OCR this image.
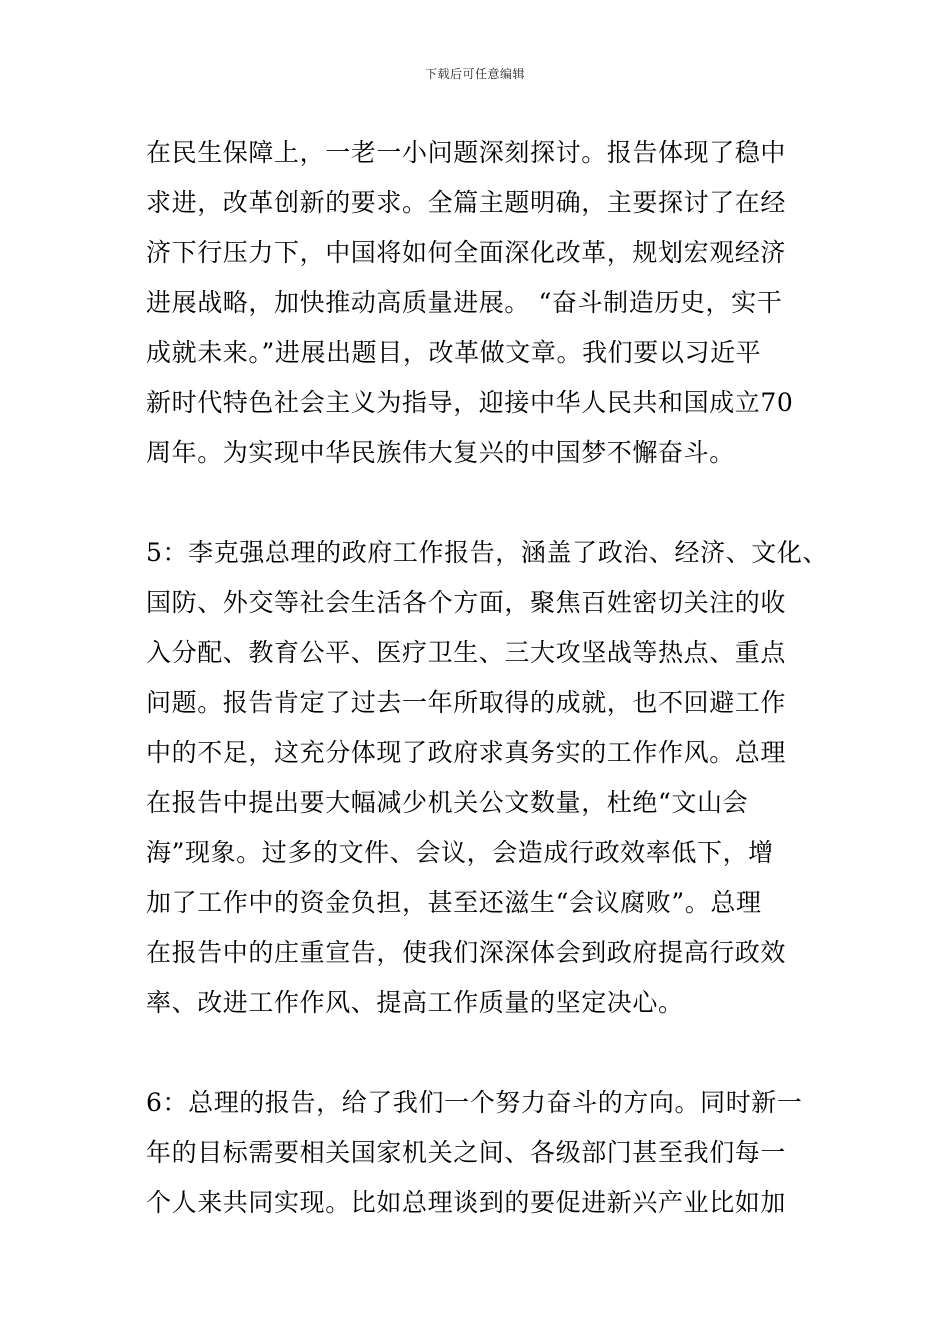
下载后可任意编辑
在民生保障上，一老一小问题深刻探讨。报告体现了稳中
求进，改革创新的要求。全篇主题明确，主要探讨了在经
济下行压力下，中国将如何全面深化改革，规划宏观经济
进展战略，加快推动高质量进展。 “奋斗制造历史，实干
成就未来。”进展出题目，改革做文章。我们要以习近平
新时代特色社会主义为指导，迎接中华人民共和国成立70
周年。为实现中华民族伟大复兴的中国梦不懈奋斗。
5：李克强总理的政府工作报告，涵盖了政治、经济、文化、
国防、外交等社会生活各个方面，聚焦百姓密切关注的收
入分配、教育公平、医疗卫生、三大攻坚战等热点、重点
问题。报告肯定了过去一年所取得的成就，也不回避工作
中的不足，这充分体现了政府求真务实的工作作风。总理
在报告中提出要大幅减少机关公文数量，杜绝“文山会
海”现象。过多的文件、会议，会造成行政效率低下，增
加了工作中的资金负担，甚至还滋生“会议腐败”。总理
在报告中的庄重宣告，使我们深深体会到政府提高行政效
率、改进工作作风、提高工作质量的坚定决心。
6：总理的报告，给了我们一个努力奋斗的方向。同时新一
年的目标需要相关国家机关之间、各级部门甚至我们每一
个人来共同实现。比如总理谈到的要促进新兴产业比如加
